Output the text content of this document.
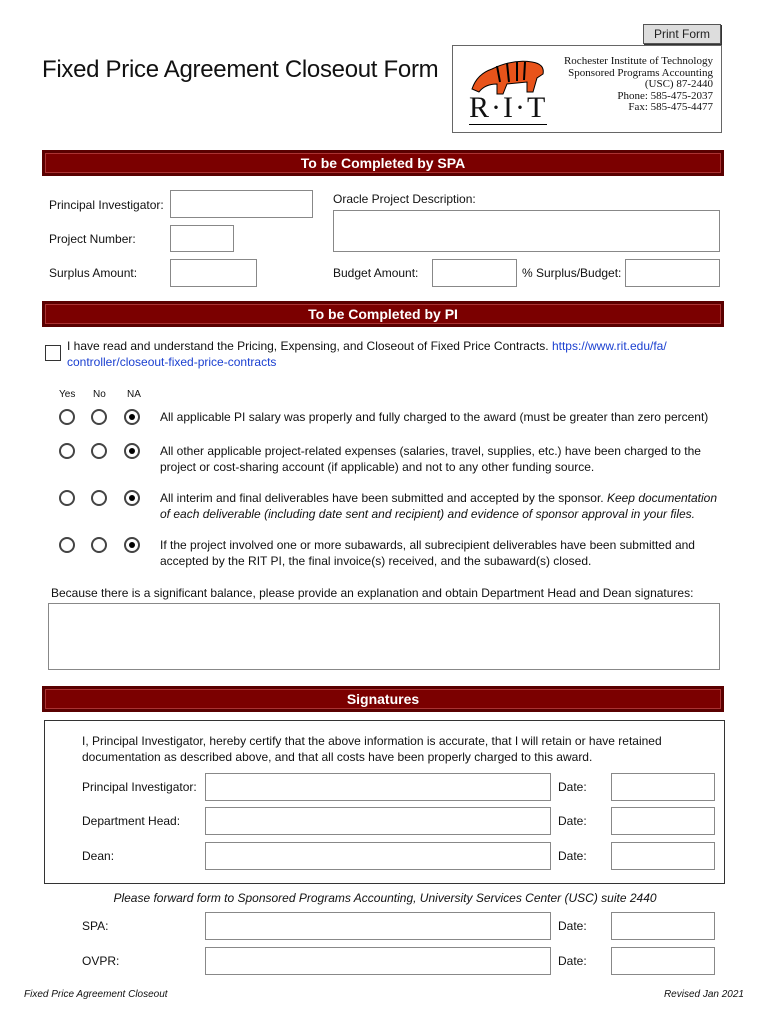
Print Form
Fixed Price Agreement Closeout Form
R·I·T
Rochester Institute of Technology
Sponsored Programs Accounting
(USC) 87-2440
Phone: 585-475-2037
Fax: 585-475-4477
To be Completed by SPA
Principal Investigator:	Oracle Project Description:
Project Number:
Surplus Amount:	Budget Amount:	% Surplus/Budget:
To be Completed by PI
I have read and understand the Pricing, Expensing, and Closeout of Fixed Price Contracts. https://www.rit.edu/fa/
controller/closeout-fixed-price-contracts
Yes No NA
All applicable PI salary was properly and fully charged to the award (must be greater than zero percent)
All other applicable project-related expenses (salaries, travel, supplies, etc.) have been charged to the project or cost-sharing account (if applicable) and not to any other funding source.
All interim and final deliverables have been submitted and accepted by the sponsor. Keep documentation of each deliverable (including date sent and recipient) and evidence of sponsor approval in your files.
If the project involved one or more subawards, all subrecipient deliverables have been submitted and accepted by the RIT PI, the final invoice(s) received, and the subaward(s) closed.
Because there is a significant balance, please provide an explanation and obtain Department Head and Dean signatures:
Signatures
I, Principal Investigator, hereby certify that the above information is accurate, that I will retain or have retained documentation as described above, and that all costs have been properly charged to this award.
Principal Investigator:	Date:
Department Head:	Date:
Dean:	Date:
Please forward form to Sponsored Programs Accounting, University Services Center (USC) suite 2440
SPA:	Date:
OVPR:	Date:
Fixed Price Agreement Closeout	Revised Jan 2021
